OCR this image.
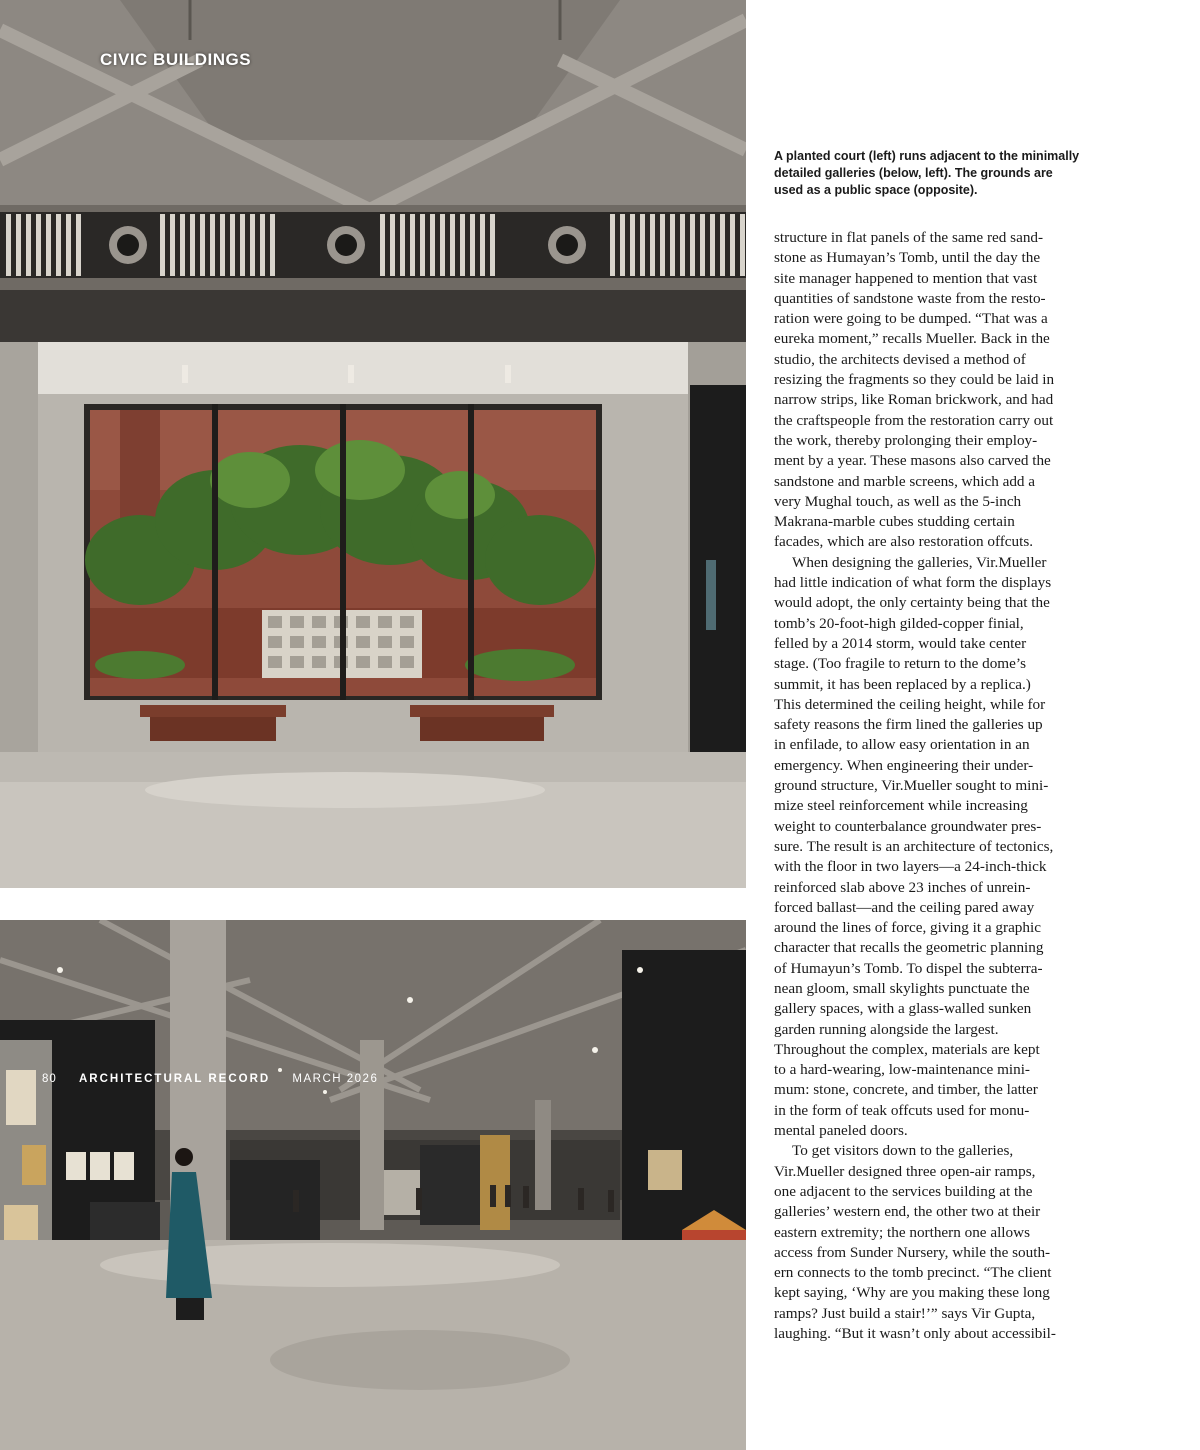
CIVIC BUILDINGS
80 ARCHITECTURAL RECORD MARCH 2026
A planted court (left) runs adjacent to the minimally detailed galleries (below, left). The grounds are used as a public space (opposite).
structure in flat panels of the same red sand-
stone as Humayan’s Tomb, until the day the
site manager happened to mention that vast
quantities of sandstone waste from the resto-
ration were going to be dumped. “That was a
eureka moment,” recalls Mueller. Back in the
studio, the architects devised a method of
resizing the fragments so they could be laid in
narrow strips, like Roman brickwork, and had
the craftspeople from the restoration carry out
the work, thereby prolonging their employ-
ment by a year. These masons also carved the
sandstone and marble screens, which add a
very Mughal touch, as well as the 5-inch
Makrana-marble cubes studding certain
facades, which are also restoration offcuts.
When designing the galleries, Vir.Mueller
had little indication of what form the displays
would adopt, the only certainty being that the
tomb’s 20-foot-high gilded-copper finial,
felled by a 2014 storm, would take center
stage. (Too fragile to return to the dome’s
summit, it has been replaced by a replica.)
This determined the ceiling height, while for
safety reasons the firm lined the galleries up
in enfilade, to allow easy orientation in an
emergency. When engineering their under-
ground structure, Vir.Mueller sought to mini-
mize steel reinforcement while increasing
weight to counterbalance groundwater pres-
sure. The result is an architecture of tectonics,
with the floor in two layers—a 24-inch-thick
reinforced slab above 23 inches of unrein-
forced ballast—and the ceiling pared away
around the lines of force, giving it a graphic
character that recalls the geometric planning
of Humayun’s Tomb. To dispel the subterra-
nean gloom, small skylights punctuate the
gallery spaces, with a glass-walled sunken
garden running alongside the largest.
Throughout the complex, materials are kept
to a hard-wearing, low-maintenance mini-
mum: stone, concrete, and timber, the latter
in the form of teak offcuts used for monu-
mental paneled doors.
To get visitors down to the galleries,
Vir.Mueller designed three open-air ramps,
one adjacent to the services building at the
galleries’ western end, the other two at their
eastern extremity; the northern one allows
access from Sunder Nursery, while the south-
ern connects to the tomb precinct. “The client
kept saying, ‘Why are you making these long
ramps? Just build a stair!’” says Vir Gupta,
laughing. “But it wasn’t only about accessibil-
